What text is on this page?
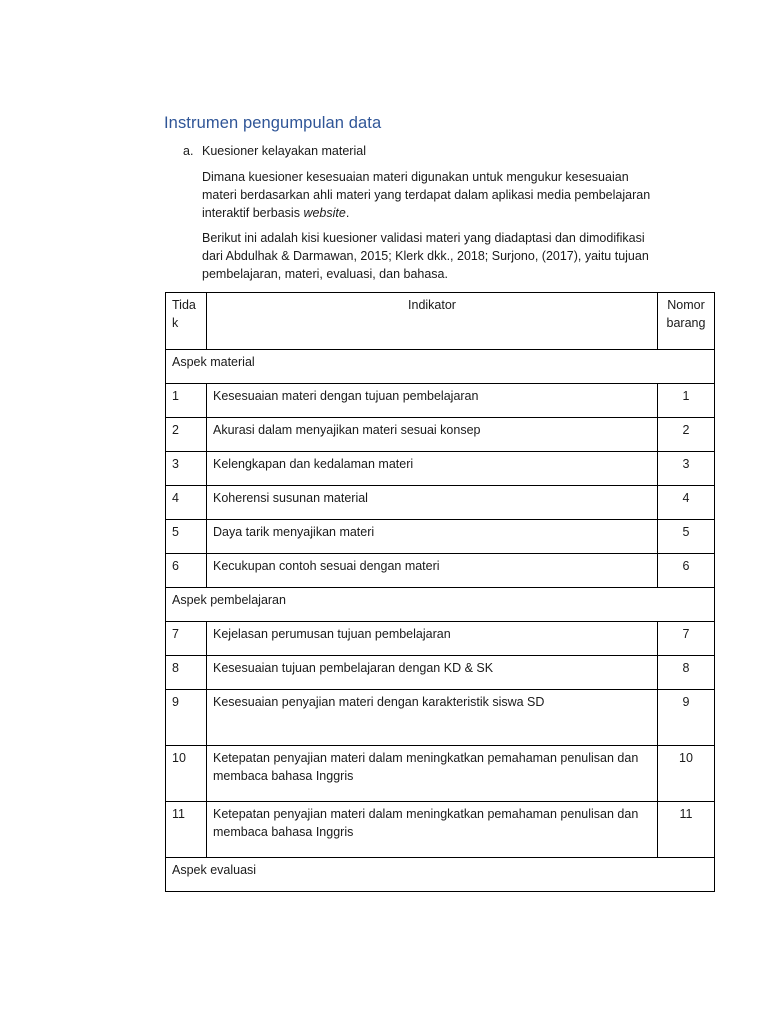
Instrumen pengumpulan data
a. Kuesioner kelayakan material
Dimana kuesioner kesesuaian materi digunakan untuk mengukur kesesuaian materi berdasarkan ahli materi yang terdapat dalam aplikasi media pembelajaran interaktif berbasis website.
Berikut ini adalah kisi kuesioner validasi materi yang diadaptasi dan dimodifikasi dari Abdulhak & Darmawan, 2015; Klerk dkk., 2018; Surjono, (2017), yaitu tujuan pembelajaran, materi, evaluasi, dan bahasa.
Tidak	Indikator	Nomor barang
Aspek material		
1	Kesesuaian materi dengan tujuan pembelajaran	1
2	Akurasi dalam menyajikan materi sesuai konsep	2
3	Kelengkapan dan kedalaman materi	3
4	Koherensi susunan material	4
5	Daya tarik menyajikan materi	5
6	Kecukupan contoh sesuai dengan materi	6
Aspek pembelajaran		
7	Kejelasan perumusan tujuan pembelajaran	7
8	Kesesuaian tujuan pembelajaran dengan KD & SK	8
9	Kesesuaian penyajian materi dengan karakteristik siswa SD	9
10	Ketepatan penyajian materi dalam meningkatkan pemahaman penulisan dan membaca bahasa Inggris	10
11	Ketepatan penyajian materi dalam meningkatkan pemahaman penulisan dan membaca bahasa Inggris	11
Aspek evaluasi		
